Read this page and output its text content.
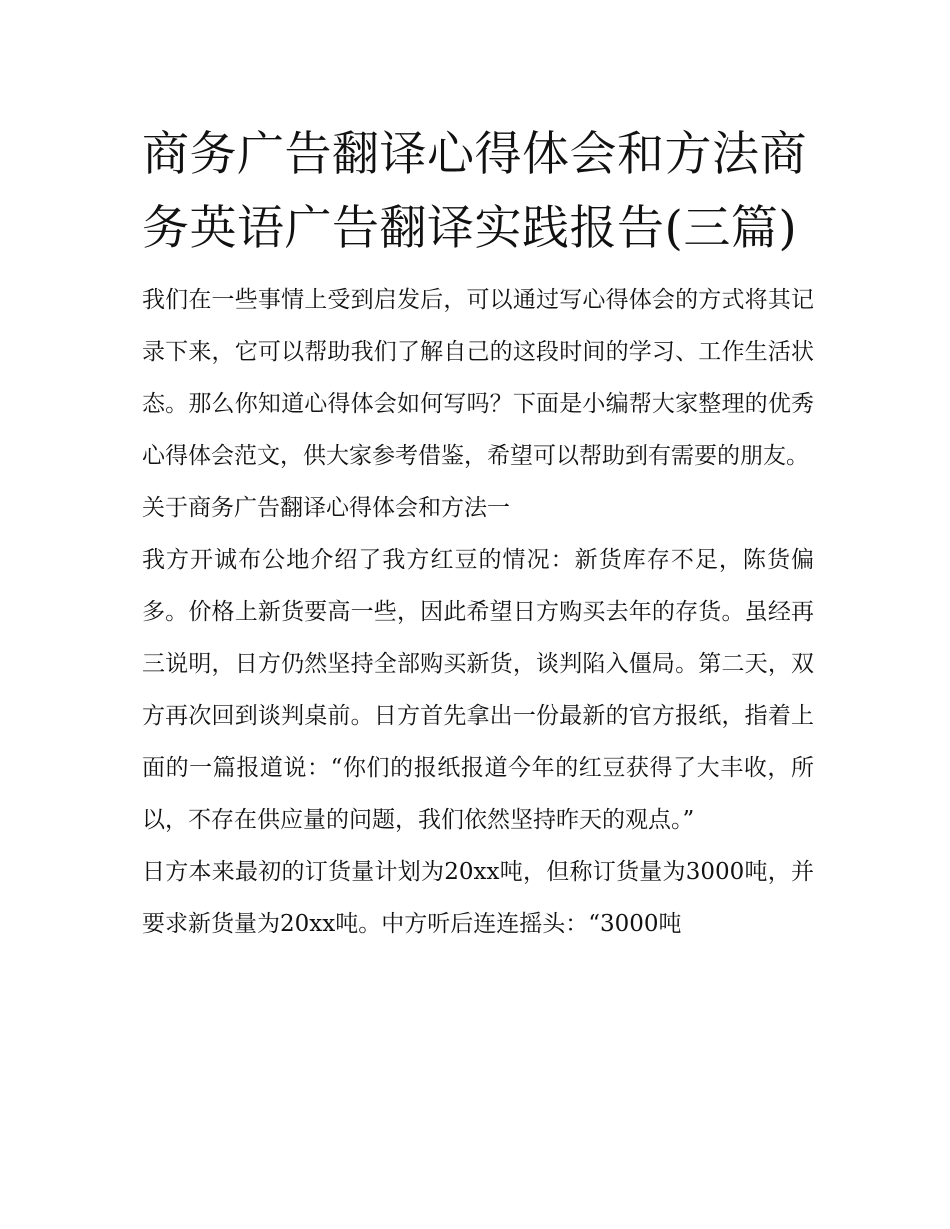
商务广告翻译心得体会和方法商务英语广告翻译实践报告(三篇)

我们在一些事情上受到启发后，可以通过写心得体会的方式将其记录下来，它可以帮助我们了解自己的这段时间的学习、工作生活状态。那么你知道心得体会如何写吗？下面是小编帮大家整理的优秀心得体会范文，供大家参考借鉴，希望可以帮助到有需要的朋友。

关于商务广告翻译心得体会和方法一

我方开诚布公地介绍了我方红豆的情况：新货库存不足，陈货偏多。价格上新货要高一些，因此希望日方购买去年的存货。虽经再三说明，日方仍然坚持全部购买新货，谈判陷入僵局。第二天，双方再次回到谈判桌前。日方首先拿出一份最新的官方报纸，指着上面的一篇报道说：“你们的报纸报道今年的红豆获得了大丰收，所以，不存在供应量的问题，我们依然坚持昨天的观点。”

日方本来最初的订货量计划为20xx吨，但称订货量为3000吨，并要求新货量为20xx吨。中方听后连连摇头：“3000吨
